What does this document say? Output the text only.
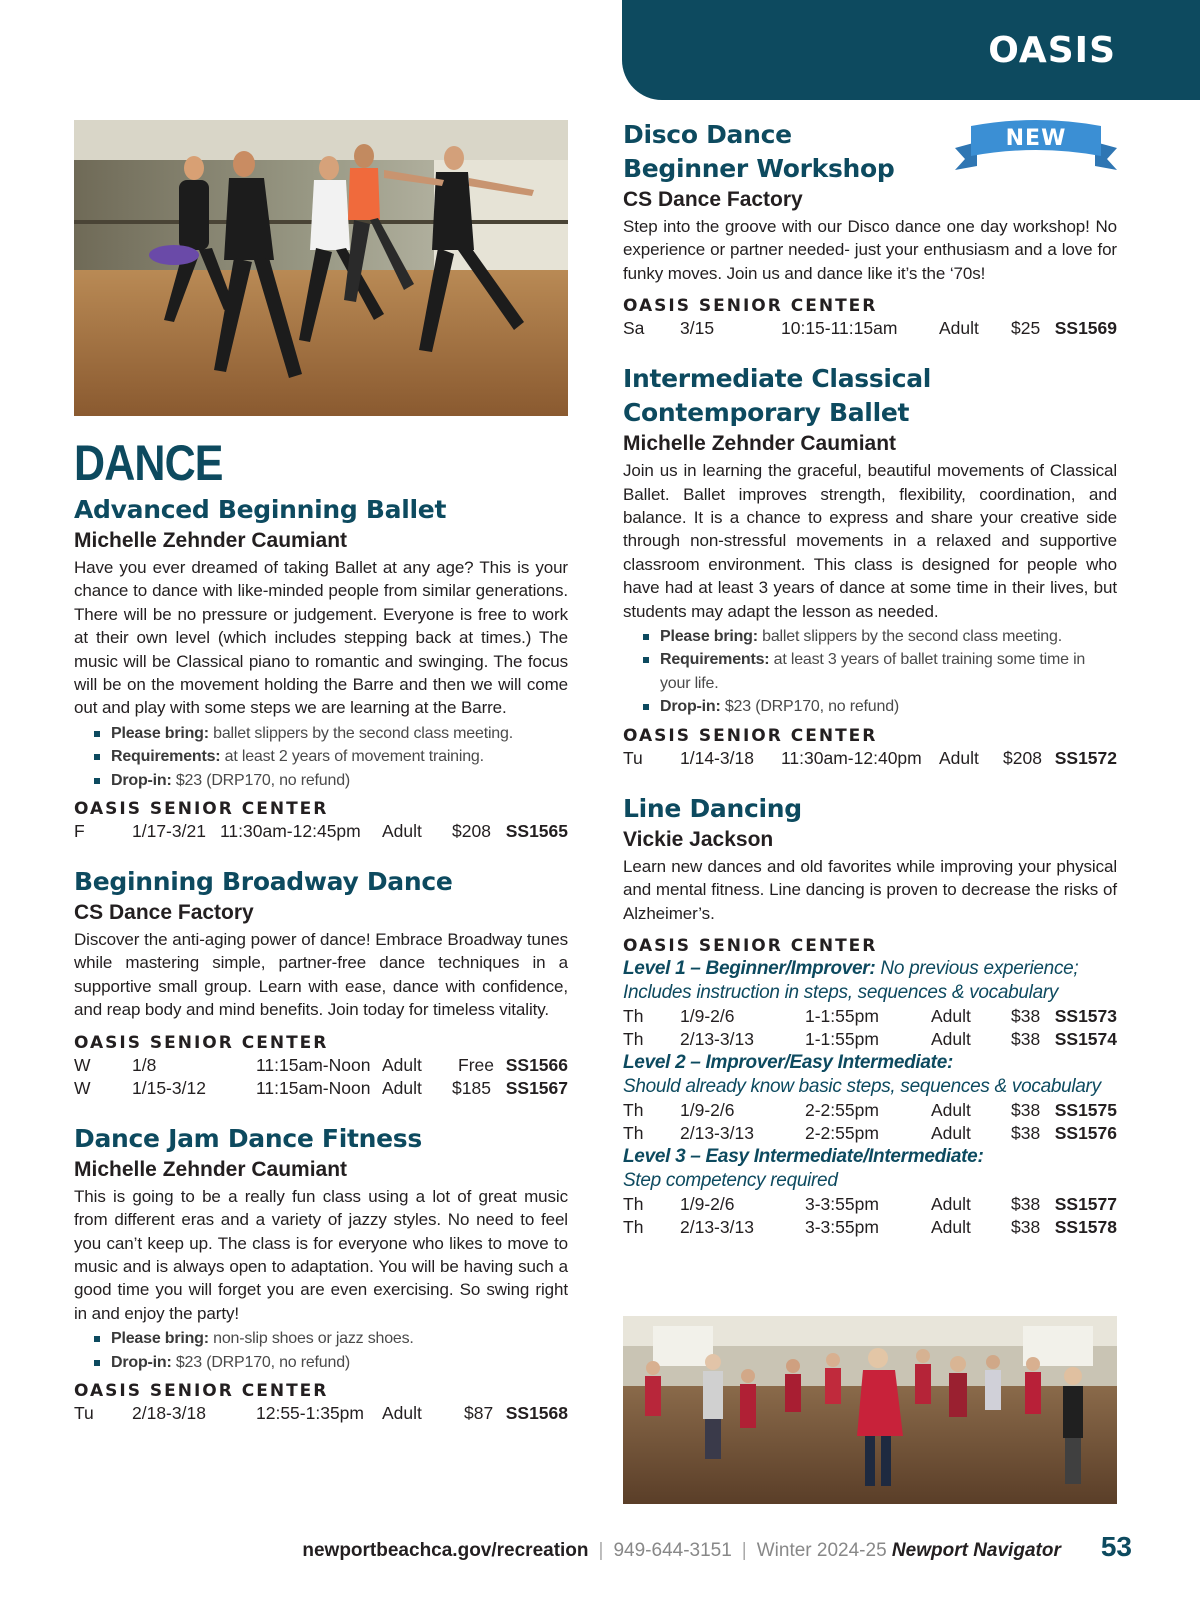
OASIS
DANCE
Advanced Beginning Ballet
Michelle Zehnder Caumiant

Have you ever dreamed of taking Ballet at any age? This is your chance to dance with like-minded people from similar generations. There will be no pressure or judgement. Everyone is free to work at their own level (which includes stepping back at times.) The music will be Classical piano to romantic and swinging. The focus will be on the movement holding the Barre and then we will come out and play with some steps we are learning at the Barre.

Please bring: ballet slippers by the second class meeting.
Requirements: at least 2 years of movement training.
Drop-in: $23 (DRP170, no refund)
OASIS SENIOR CENTER
F	1/17-3/21 11:30am-12:45pm Adult $208 SS1565
Beginning Broadway Dance
CS Dance Factory

Discover the anti-aging power of dance! Embrace Broadway tunes while mastering simple, partner-free dance techniques in a supportive small group. Learn with ease, dance with confidence, and reap body and mind benefits. Join today for timeless vitality.

OASIS SENIOR CENTER
W 1/8	11:15am-Noon Adult Free SS1566
W 1/15-3/12	11:15am-Noon Adult $185 SS1567
Dance Jam Dance Fitness
Michelle Zehnder Caumiant

This is going to be a really fun class using a lot of great music from different eras and a variety of jazzy styles. No need to feel you can’t keep up. The class is for everyone who likes to move to music and is always open to adaptation. You will be having such a good time you will forget you are even exercising. So swing right in and enjoy the party!

Please bring: non-slip shoes or jazz shoes.
Drop-in: $23 (DRP170, no refund)
OASIS SENIOR CENTER
Tu 2/18-3/18	12:55-1:35pm Adult $87 SS1568
NEW
Disco Dance
Beginner Workshop
CS Dance Factory

Step into the groove with our Disco dance one day workshop! No experience or partner needed- just your enthusiasm and a love for funky moves. Join us and dance like it’s the ‘70s!

OASIS SENIOR CENTER
Sa 3/15	10:15-11:15am Adult $25 SS1569
Intermediate Classical Contemporary Ballet
Michelle Zehnder Caumiant

Join us in learning the graceful, beautiful movements of Classical Ballet. Ballet improves strength, flexibility, coordination, and balance. It is a chance to express and share your creative side through non-stressful movements in a relaxed and supportive classroom environment. This class is designed for people who have had at least 3 years of dance at some time in their lives, but students may adapt the lesson as needed.

Please bring: ballet slippers by the second class meeting.
Requirements: at least 3 years of ballet training some time in your life.
Drop-in: $23 (DRP170, no refund)
OASIS SENIOR CENTER
Tu 1/14-3/18 11:30am-12:40pm Adult $208 SS1572
Line Dancing
Vickie Jackson

Learn new dances and old favorites while improving your physical and mental fitness. Line dancing is proven to decrease the risks of Alzheimer’s.

OASIS SENIOR CENTER
Level 1 – Beginner/Improver: No previous experience; Includes instruction in steps, sequences & vocabulary
Th 1/9-2/6	1-1:55pm	Adult $38 SS1573
Th 2/13-3/13	1-1:55pm	Adult $38 SS1574
Level 2 – Improver/Easy Intermediate:
Should already know basic steps, sequences & vocabulary
Th 1/9-2/6	2-2:55pm	Adult $38 SS1575
Th 2/13-3/13	2-2:55pm	Adult $38 SS1576
Level 3 – Easy Intermediate/Intermediate:
Step competency required
Th 1/9-2/6	3-3:55pm	Adult $38 SS1577
Th 2/13-3/13	3-3:55pm	Adult $38 SS1578
newportbeachca.gov/recreation | 949-644-3151 | Winter 2024-25 Newport Navigator 53
